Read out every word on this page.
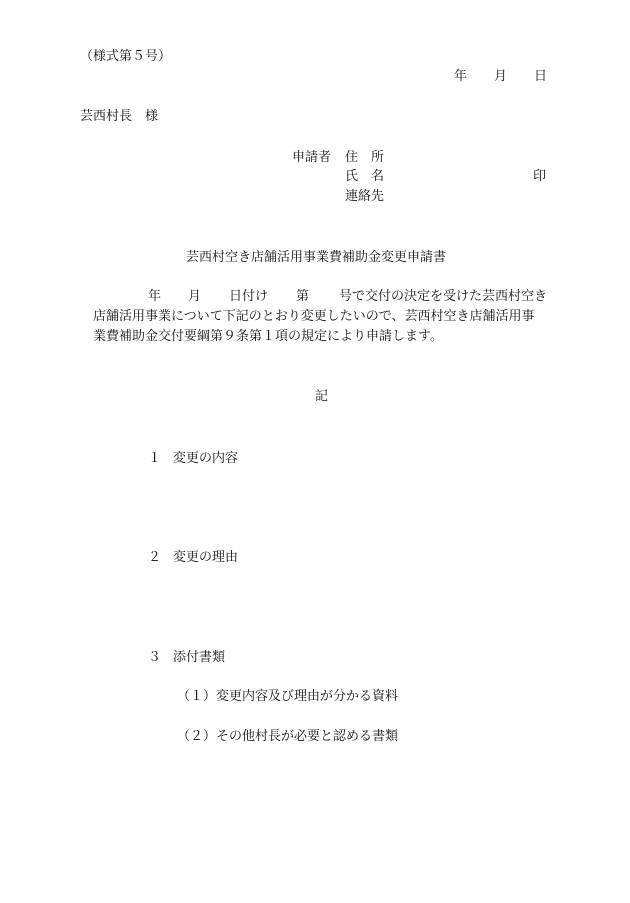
（様式第５号）
年 月 日
芸西村長　様
申請者 住　所
氏　名	印
連絡先
芸西村空き店舗活用事業費補助金変更申請書
年 月 日付け 第 号で交付の決定を受けた芸西村空き
店舗活用事業について下記のとおり変更したいので、芸西村空き店舗活用事
業費補助金交付要綱第９条第１項の規定により申請します。
記
１ 変更の内容
２ 変更の理由
３ 添付書類
（１）変更内容及び理由が分かる資料
（２）その他村長が必要と認める書類
